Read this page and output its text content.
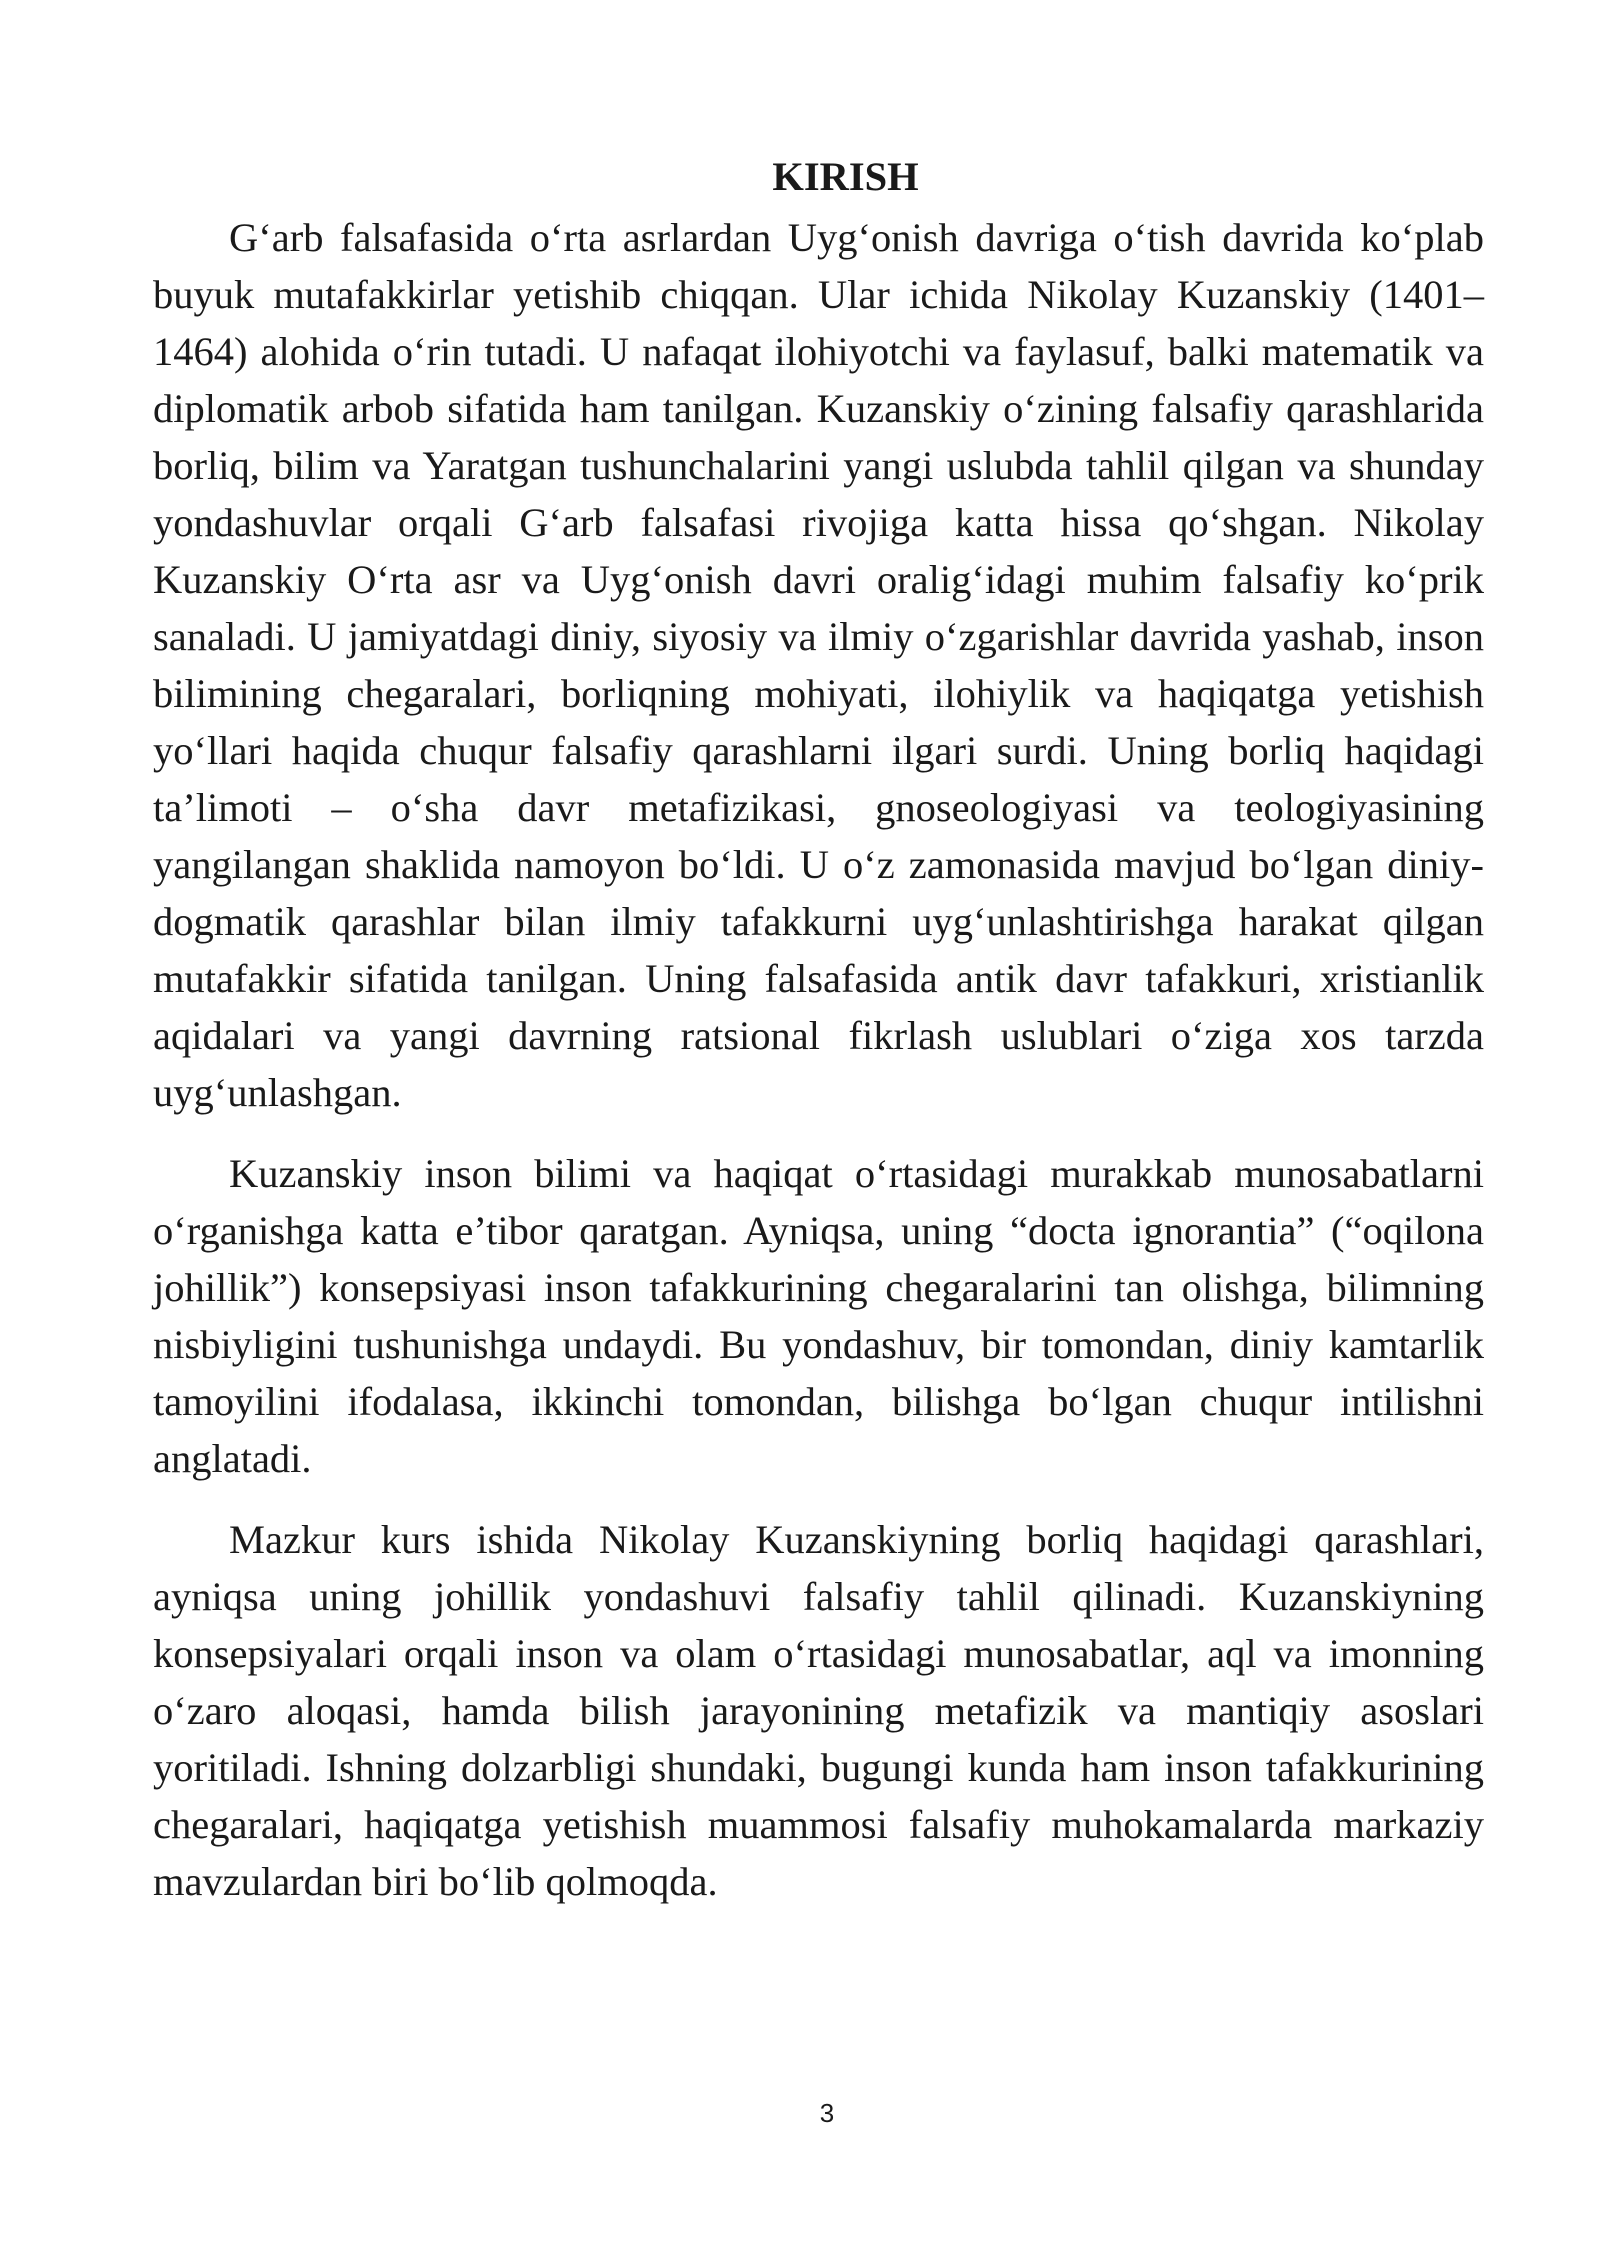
KIRISH

G‘arb falsafasida o‘rta asrlardan Uyg‘onish davriga o‘tish davrida ko‘plab buyuk mutafakkirlar yetishib chiqqan. Ular ichida Nikolay Kuzanskiy (1401–1464) alohida o‘rin tutadi. U nafaqat ilohiyotchi va faylasuf, balki matematik va diplomatik arbob sifatida ham tanilgan. Kuzanskiy o‘zining falsafiy qarashlarida borliq, bilim va Yaratgan tushunchalarini yangi uslubda tahlil qilgan va shunday yondashuvlar orqali G‘arb falsafasi rivojiga katta hissa qo‘shgan. Nikolay Kuzanskiy O‘rta asr va Uyg‘onish davri oralig‘idagi muhim falsafiy ko‘prik sanaladi. U jamiyatdagi diniy, siyosiy va ilmiy o‘zgarishlar davrida yashab, inson bilimining chegaralari, borliqning mohiyati, ilohiylik va haqiqatga yetishish yo‘llari haqida chuqur falsafiy qarashlarni ilgari surdi. Uning borliq haqidagi ta’limoti – o‘sha davr metafizikasi, gnoseologiyasi va teologiyasining yangilangan shaklida namoyon bo‘ldi. U o‘z zamonasida mavjud bo‘lgan diniy-dogmatik qarashlar bilan ilmiy tafakkurni uyg‘unlashtirishga harakat qilgan mutafakkir sifatida tanilgan. Uning falsafasida antik davr tafakkuri, xristianlik aqidalari va yangi davrning ratsional fikrlash uslublari o‘ziga xos tarzda uyg‘unlashgan.

Kuzanskiy inson bilimi va haqiqat o‘rtasidagi murakkab munosabatlarni o‘rganishga katta e’tibor qaratgan. Ayniqsa, uning “docta ignorantia” (“oqilona johillik”) konsepsiyasi inson tafakkurining chegaralarini tan olishga, bilimning nisbiyligini tushunishga undaydi. Bu yondashuv, bir tomondan, diniy kamtarlik tamoyilini ifodalasa, ikkinchi tomondan, bilishga bo‘lgan chuqur intilishni anglatadi.

Mazkur kurs ishida Nikolay Kuzanskiyning borliq haqidagi qarashlari, ayniqsa uning johillik yondashuvi falsafiy tahlil qilinadi. Kuzanskiyning konsepsiyalari orqali inson va olam o‘rtasidagi munosabatlar, aql va imonning o‘zaro aloqasi, hamda bilish jarayonining metafizik va mantiqiy asoslari yoritiladi. Ishning dolzarbligi shundaki, bugungi kunda ham inson tafakkurining chegaralari, haqiqatga yetishish muammosi falsafiy muhokamalarda markaziy mavzulardan biri bo‘lib qolmoqda.

3
